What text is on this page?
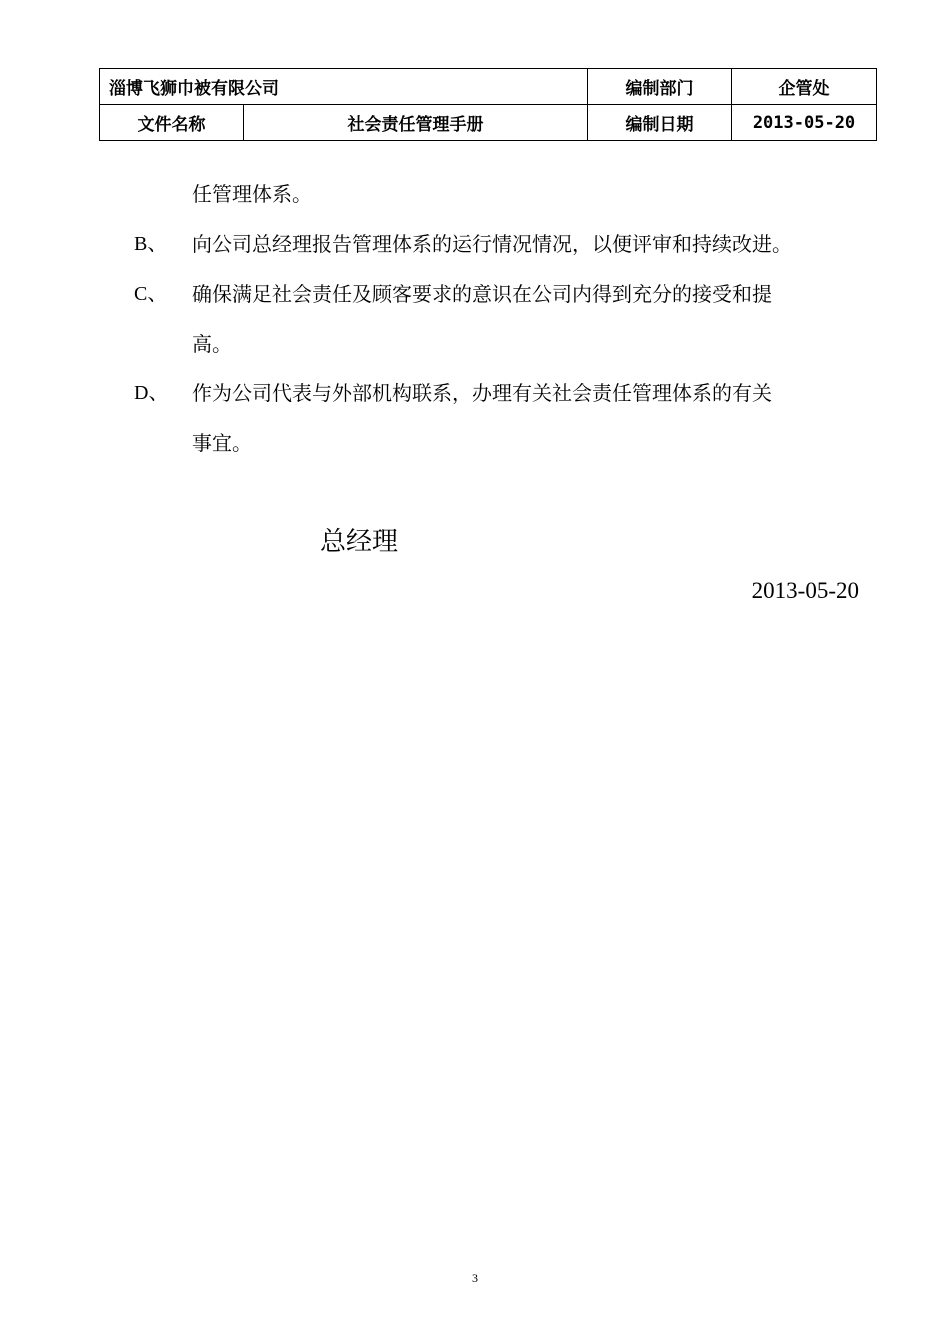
淄博飞狮巾被有限公司		编制部门	企管处
文件名称	社会责任管理手册	编制日期	2013-05-20
任管理体系。
B、 向公司总经理报告管理体系的运行情况情况，以便评审和持续改进。
C、 确保满足社会责任及顾客要求的意识在公司内得到充分的接受和提
高。
D、 作为公司代表与外部机构联系，办理有关社会责任管理体系的有关
事宜。
总经理
2013-05-20
3
